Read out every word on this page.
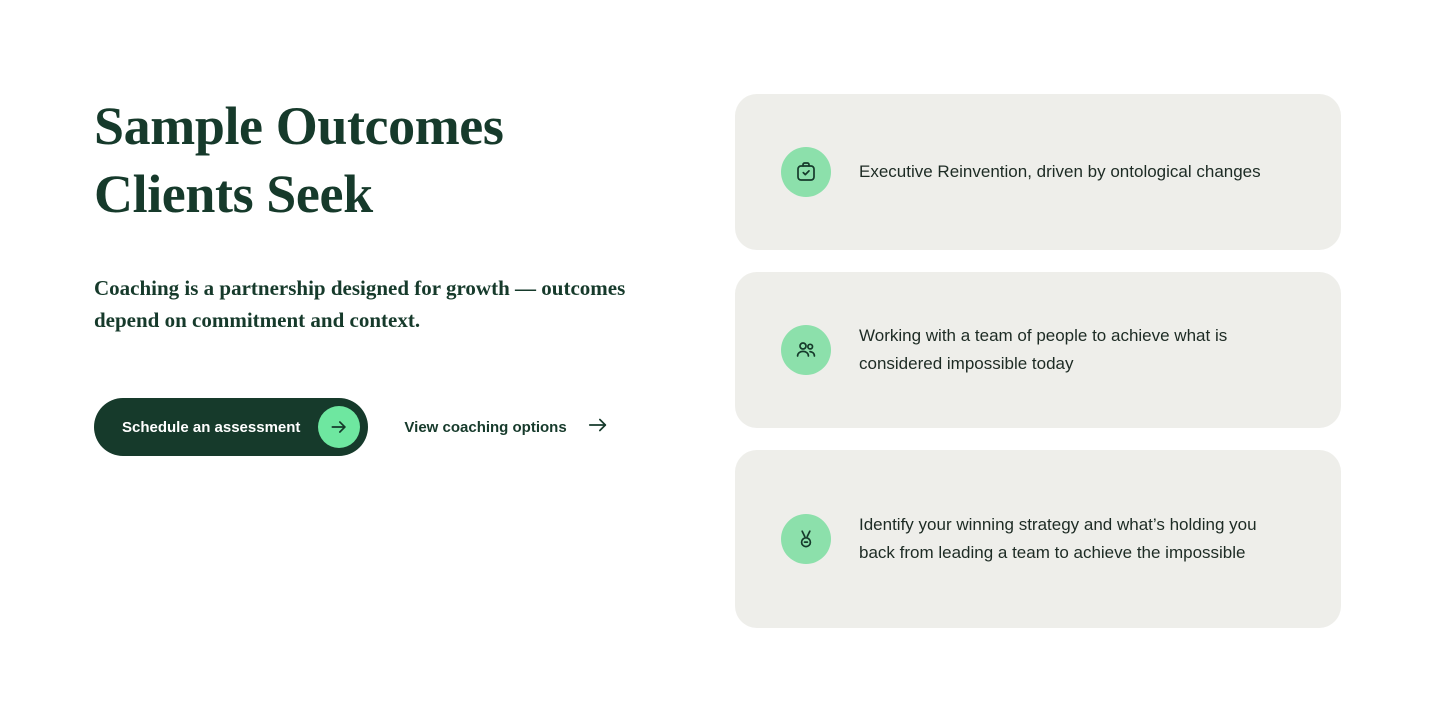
Sample Outcomes
Clients Seek

Coaching is a partnership designed for growth — outcomes depend on commitment and context.

Schedule an assessment	View coaching options
Executive Reinvention, driven by ontological changes
Working with a team of people to achieve what is considered impossible today
Identify your winning strategy and what’s holding you back from leading a team to achieve the impossible
